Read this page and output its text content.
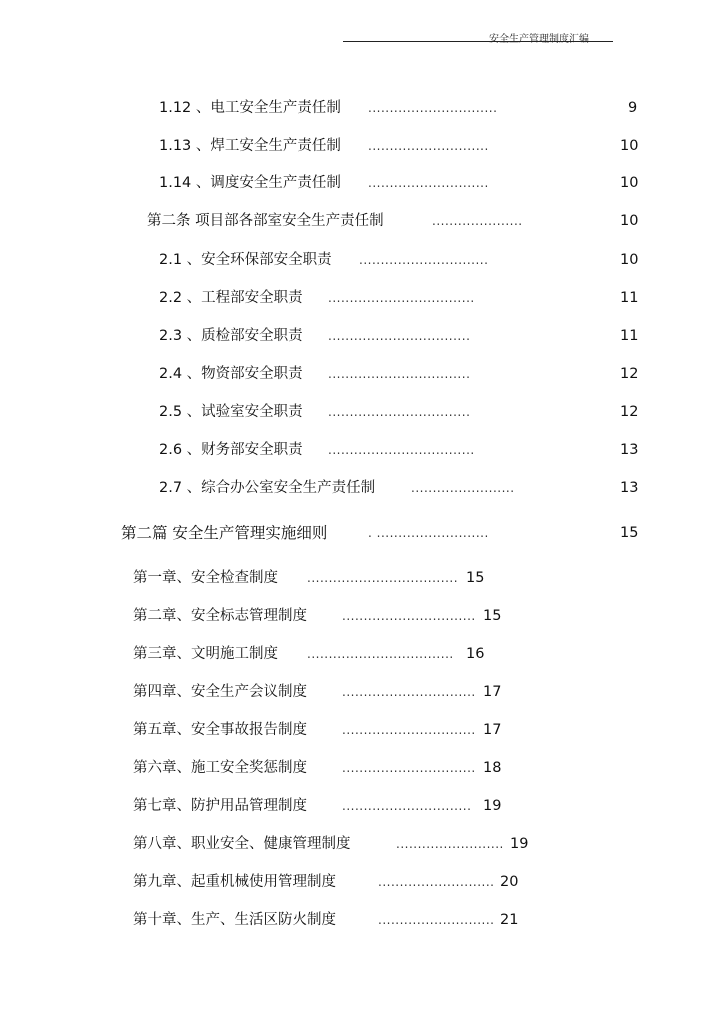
安全生产管理制度汇编
1.12 、电工安全生产责任制 ..............................	9
1.13 、焊工安全生产责任制 ............................	10
1.14 、调度安全生产责任制 ............................	10
第二条 项目部各部室安全生产责任制	.....................	10
2.1 、安全环保部安全职责 ..............................	10
2.2 、工程部安全职责 ..................................	11
2.3 、质检部安全职责 .................................	11
2.4 、物资部安全职责 .................................	12
2.5 、试验室安全职责 .................................	12
2.6 、财务部安全职责 ..................................	13
2.7 、综合办公室安全生产责任制	........................	13
第二篇 安全生产管理实施细则	. ..........................	15
第一章、安全检查制度 ................................... 15
第二章、安全标志管理制度	............................... 15
第三章、文明施工制度 .................................. 16
第四章、安全生产会议制度	............................... 17
第五章、安全事故报告制度	............................... 17
第六章、施工安全奖惩制度	............................... 18
第七章、防护用品管理制度	.............................. 19
第八章、职业安全、健康管理制度	......................... 19
第九章、起重机械使用管理制度	........................... 20
第十章、生产、生活区防火制度	........................... 21
